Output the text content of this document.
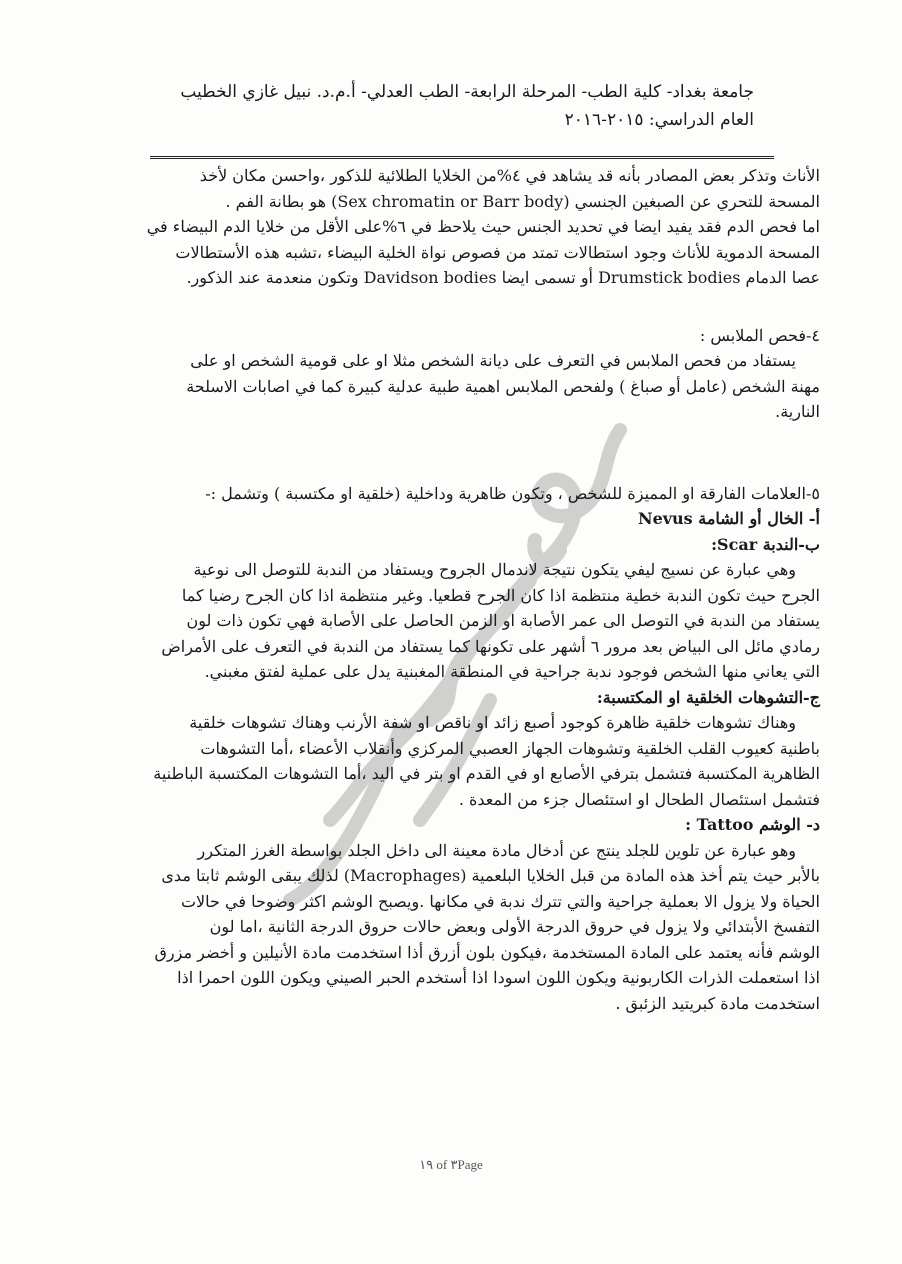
جامعة بغداد- كلية الطب- المرحلة الرابعة- الطب العدلي- أ.م.د. نبيل غازي الخطيب
العام الدراسي: ٢٠١٥-٢٠١٦

الأناث وتذكر بعض المصادر بأنه قد يشاهد في ٤%من الخلايا الطلائية للذكور ،واحسن مكان لأخذ

المسحة للتحري عن الصبغين الجنسي (Sex chromatin or Barr body) هو بطانة الفم .

اما فحص الدم فقد يفيد ايضا في تحديد الجنس حيث يلاحظ في ٦%على الأقل من خلايا الدم البيضاء في

المسحة الدموية للأناث وجود استطالات تمتد من فصوص نواة الخلية البيضاء ،تشبه هذه الأستطالات

عصا الدمام Drumstick bodies أو تسمى ايضا Davidson bodies وتكون منعدمة عند الذكور.

٤-فحص الملابس :

يستفاد من فحص الملابس في التعرف على ديانة الشخص مثلا او على قومية الشخص او على

مهنة الشخص (عامل أو صباغ ) ولفحص الملابس اهمية طبية عدلية كبيرة كما في اصابات الاسلحة

النارية.

٥-العلامات الفارقة او المميزة للشخص ، وتكون ظاهرية وداخلية (خلقية او مكتسبة ) وتشمل :-

أ- الخال أو الشامة Nevus

ب-الندبة Scar:

وهي عبارة عن نسيج ليفي يتكون نتيجة لاندمال الجروح ويستفاد من الندبة للتوصل الى نوعية

الجرح حيث تكون الندبة خطية منتظمة اذا كان الجرح قطعيا. وغير منتظمة اذا كان الجرح رضيا كما

يستفاد من الندبة في التوصل الى عمر الأصابة او الزمن الحاصل على الأصابة فهي تكون ذات لون

رمادي مائل الى البياض بعد مرور ٦ أشهر على تكونها كما يستفاد من الندبة في التعرف على الأمراض

التي يعاني منها الشخص فوجود ندبة جراحية في المنطقة المغبنية يدل على عملية لفتق مغبني.

ج-التشوهات الخلقية او المكتسبة:

وهناك تشوهات خلقية ظاهرة كوجود أصبع زائد او ناقص او شفة الأرنب وهناك تشوهات خلقية

باطنية كعيوب القلب الخلقية وتشوهات الجهاز العصبي المركزي وأنقلاب الأعضاء ،أما التشوهات

الظاهرية المكتسبة فتشمل بترفي الأصابع او في القدم او بتر في اليد ،أما التشوهات المكتسبة الباطنية

فتشمل استئصال الطحال او استئصال جزء من المعدة .

د- الوشم Tattoo :

وهو عبارة عن تلوين للجلد ينتج عن أدخال مادة معينة الى داخل الجلد بواسطة الغرز المتكرر

بالأبر حيث يتم أخذ هذه المادة من قبل الخلايا البلعمية (Macrophages) لذلك يبقى الوشم ثابتا مدى

الحياة ولا يزول الا بعملية جراحية والتي تترك ندبة في مكانها .ويصبح الوشم اكثر وضوحا في حالات

التفسخ الأبتدائي ولا يزول في حروق الدرجة الأولى وبعض حالات حروق الدرجة الثانية ،اما لون

الوشم فأنه يعتمد على المادة المستخدمة ،فيكون بلون أزرق أذا استخدمت مادة الأنيلين و أخضر مزرق

اذا استعملت الذرات الكاربونية ويكون اللون اسودا اذا أستخدم الحبر الصيني ويكون اللون احمرا اذا

استخدمت مادة كبريتيد الزئبق .

١٩ of ٣Page
